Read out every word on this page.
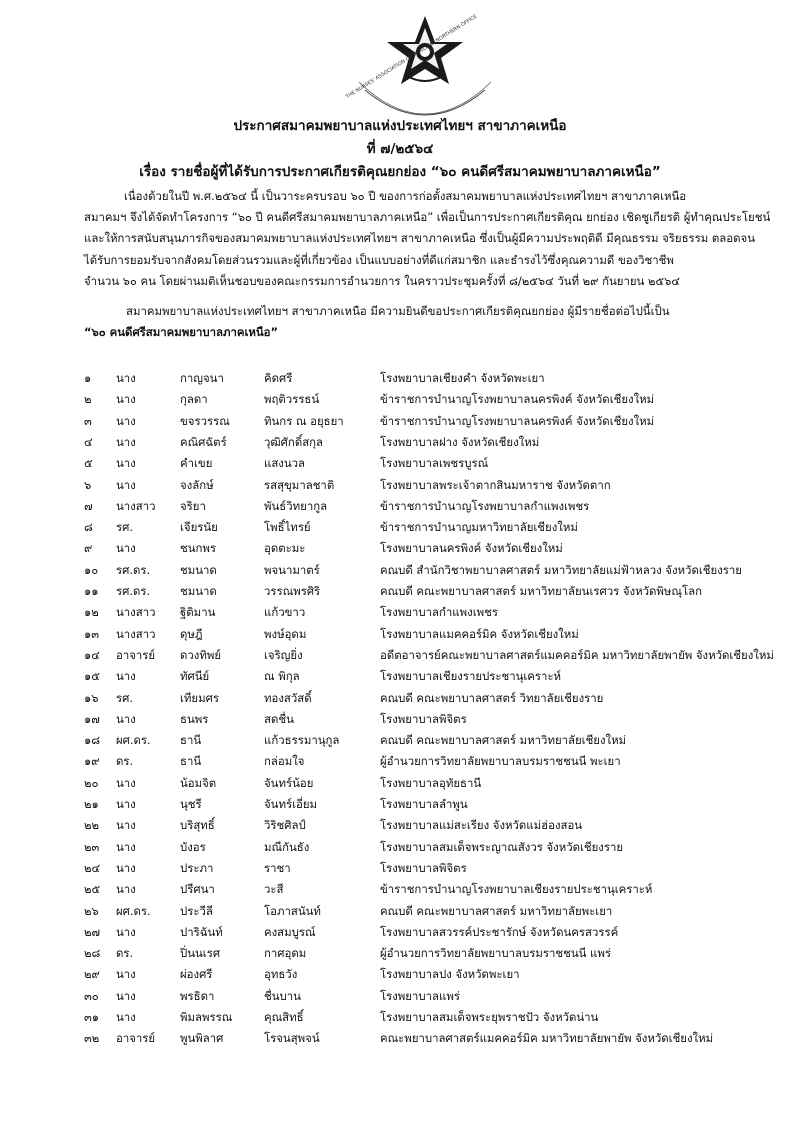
THE NURSES' ASSOCIATION OF THAILAND NORTHERN OFFICE
ประกาศสมาคมพยาบาลแห่งประเทศไทยฯ สาขาภาคเหนือ
ที่ ๗/๒๕๖๔
เรื่อง รายชื่อผู้ที่ได้รับการประกาศเกียรติคุณยกย่อง “๖๐ คนดีศรีสมาคมพยาบาลภาคเหนือ”
เนื่องด้วยในปี พ.ศ.๒๕๖๔ นี้ เป็นวาระครบรอบ ๖๐ ปี ของการก่อตั้งสมาคมพยาบาลแห่งประเทศไทยฯ สาขาภาคเหนือ
สมาคมฯ จึงได้จัดทำโครงการ “๖๐ ปี คนดีศรีสมาคมพยาบาลภาคเหนือ” เพื่อเป็นการประกาศเกียรติคุณ ยกย่อง เชิดชูเกียรติ ผู้ทำคุณประโยชน์
และให้การสนับสนุนภารกิจของสมาคมพยาบาลแห่งประเทศไทยฯ สาขาภาคเหนือ ซึ่งเป็นผู้มีความประพฤติดี มีคุณธรรม จริยธรรม ตลอดจน
ได้รับการยอมรับจากสังคมโดยส่วนรวมและผู้ที่เกี่ยวข้อง เป็นแบบอย่างที่ดีแก่สมาชิก และธำรงไว้ซึ่งคุณความดี ของวิชาชีพ
จำนวน ๖๐ คน โดยผ่านมติเห็นชอบของคณะกรรมการอำนวยการ ในคราวประชุมครั้งที่ ๘/๒๕๖๔ วันที่ ๒๙ กันยายน ๒๕๖๔
สมาคมพยาบาลแห่งประเทศไทยฯ สาขาภาคเหนือ มีความยินดีขอประกาศเกียรติคุณยกย่อง ผู้มีรายชื่อต่อไปนี้เป็น
“๖๐ คนดีศรีสมาคมพยาบาลภาคเหนือ”
๑ นาง	กาญจนา	คิดศรี	โรงพยาบาลเชียงคำ จังหวัดพะเยา
๒ นาง	กุลดา	พฤติวรรธน์	ข้าราชการบำนาญโรงพยาบาลนครพิงค์ จังหวัดเชียงใหม่
๓ นาง	ขจรวรรณ	ทินกร ณ อยุธยา	ข้าราชการบำนาญโรงพยาบาลนครพิงค์ จังหวัดเชียงใหม่
๔ นาง	คณิศฉัตร์	วุฒิศักดิ์สกุล	โรงพยาบาลฝาง จังหวัดเชียงใหม่
๕ นาง	คำเขย	แสงนวล	โรงพยาบาลเพชรบูรณ์
๖ นาง	จงลักษ์	รสสุขุมาลชาติ	โรงพยาบาลพระเจ้าตากสินมหาราช จังหวัดตาก
๗ นางสาว จริยา	พันธ์วิทยากูล	ข้าราชการบำนาญโรงพยาบาลกำแพงเพชร
๘ รศ.	เจียรนัย	โพธิ์ไทรย์	ข้าราชการบำนาญมหาวิทยาลัยเชียงใหม่
๙ นาง	ชนกพร	อุดตะมะ	โรงพยาบาลนครพิงค์ จังหวัดเชียงใหม่
๑๐ รศ.ดร.	ชมนาด	พจนามาตร์	คณบดี สำนักวิชาพยาบาลศาสตร์ มหาวิทยาลัยแม่ฟ้าหลวง จังหวัดเชียงราย
๑๑ รศ.ดร.	ชมนาด	วรรณพรศิริ	คณบดี คณะพยาบาลศาสตร์ มหาวิทยาลัยนเรศวร จังหวัดพิษณุโลก
๑๒ นางสาว ฐิติมาน	แก้วขาว	โรงพยาบาลกำแพงเพชร
๑๓ นางสาว ดุษฎี	พงษ์อุดม	โรงพยาบาลแมคคอร์มิค จังหวัดเชียงใหม่
๑๔ อาจารย์ ดวงทิพย์	เจริญยิ่ง	อดีตอาจารย์คณะพยาบาลศาสตร์แมคคอร์มิค มหาวิทยาลัยพายัพ จังหวัดเชียงใหม่
๑๕ นาง	ทัศนีย์	ณ พิกุล	โรงพยาบาลเชียงรายประชานุเคราะห์
๑๖ รศ.	เทียมศร	ทองสวัสดิ์	คณบดี คณะพยาบาลศาสตร์ วิทยาลัยเชียงราย
๑๗ นาง	ธนพร	สดชื่น	โรงพยาบาลพิจิตร
๑๘ ผศ.ดร.	ธานี	แก้วธรรมานุกูล	คณบดี คณะพยาบาลศาสตร์ มหาวิทยาลัยเชียงใหม่
๑๙ ดร.	ธานี	กล่อมใจ	ผู้อำนวยการวิทยาลัยพยาบาลบรมราชชนนี พะเยา
๒๐ นาง	น้อมจิต	จันทร์น้อย	โรงพยาบาลอุทัยธานี
๒๑ นาง	นุชรี	จันทร์เอี่ยม	โรงพยาบาลลำพูน
๒๒ นาง	บริสุทธิ์	วิริชศิลป์	โรงพยาบาลแม่สะเรียง จังหวัดแม่ฮ่องสอน
๒๓ นาง	บังอร	มณีกันธัง	โรงพยาบาลสมเด็จพระญาณสังวร จังหวัดเชียงราย
๒๔ นาง	ประภา	ราชา	โรงพยาบาลพิจิตร
๒๕ นาง	ปรีศนา	วะสี	ข้าราชการบำนาญโรงพยาบาลเชียงรายประชานุเคราะห์
๒๖ ผศ.ดร.	ประวีลี	โอภาสนันท์	คณบดี คณะพยาบาลศาสตร์ มหาวิทยาลัยพะเยา
๒๗ นาง	ปาริฉันท์	คงสมบูรณ์	โรงพยาบาลสวรรค์ประชารักษ์ จังหวัดนครสวรรค์
๒๘ ดร.	ปิ่นนเรศ	กาศอุดม	ผู้อำนวยการวิทยาลัยพยาบาลบรมราชชนนี แพร่
๒๙ นาง	ผ่องศรี	อุทธวัง	โรงพยาบาลปง จังหวัดพะเยา
๓๐ นาง	พรธิดา	ชื่นบาน	โรงพยาบาลแพร่
๓๑ นาง	พิมลพรรณ	คุณสิทธิ์	โรงพยาบาลสมเด็จพระยุพราชปัว จังหวัดน่าน
๓๒ อาจารย์ พูนพิลาศ	โรจนสุพจน์	คณะพยาบาลศาสตร์แมคคอร์มิค มหาวิทยาลัยพายัพ จังหวัดเชียงใหม่
